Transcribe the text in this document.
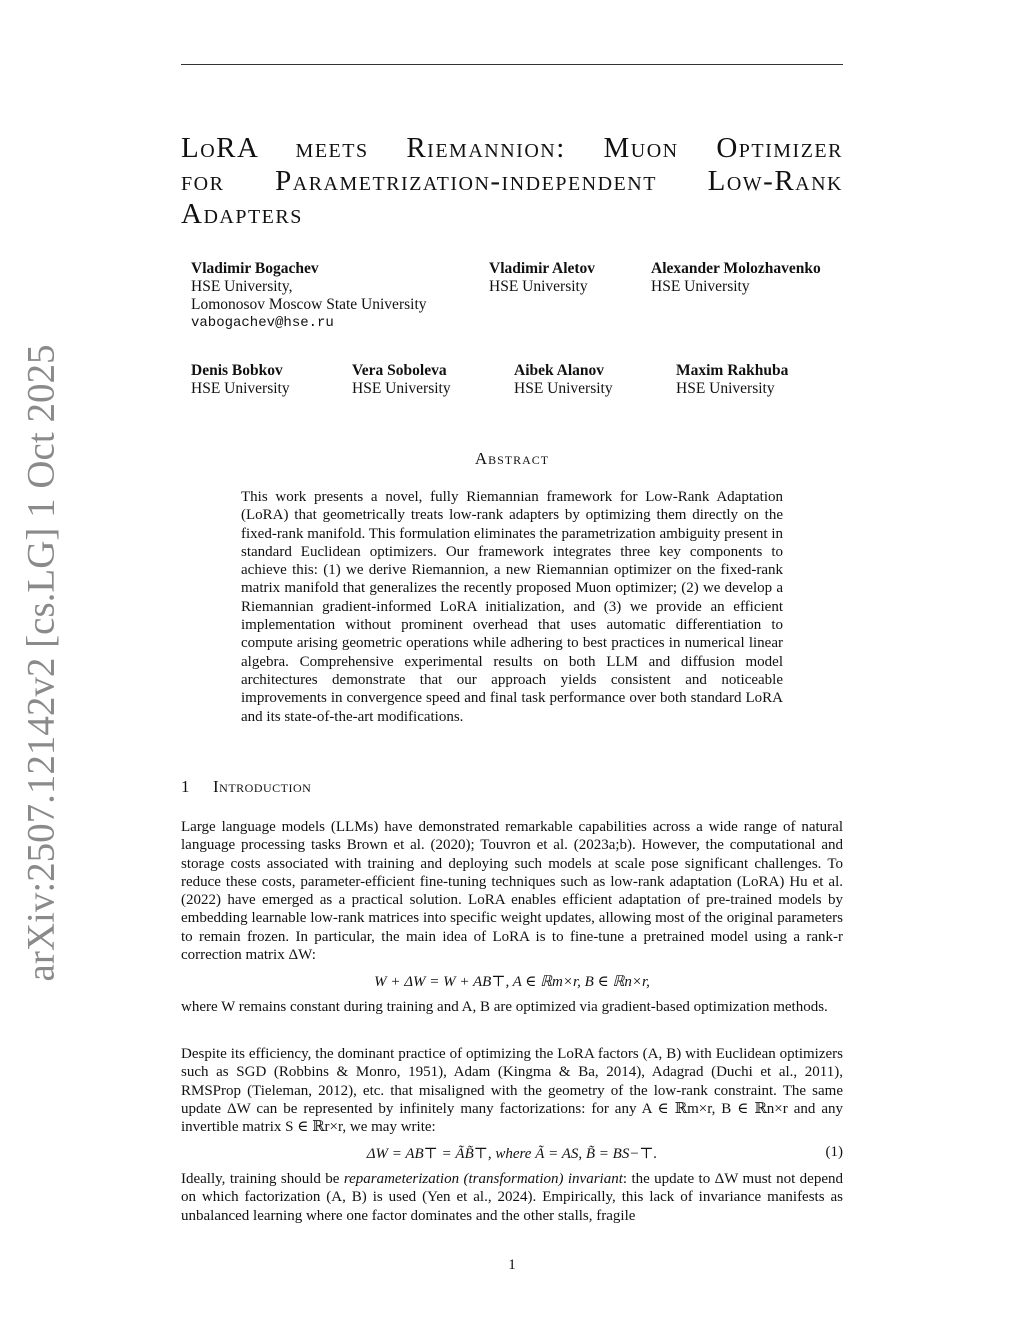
arXiv:2507.12142v2 [cs.LG] 1 Oct 2025
LoRA meets Riemannion: Muon Optimizer
for Parametrization-independent Low-Rank
Adapters
Vladimir Bogachev
HSE University,
Lomonosov Moscow State University
vabogachev@hse.ru
Vladimir Aletov
HSE University
Alexander Molozhavenko
HSE University
Denis Bobkov
HSE University
Vera Soboleva
HSE University
Aibek Alanov
HSE University
Maxim Rakhuba
HSE University
Abstract
This work presents a novel, fully Riemannian framework for Low-Rank Adaptation (LoRA) that geometrically treats low-rank adapters by optimizing them directly on the fixed-rank manifold. This formulation eliminates the parametrization ambiguity present in standard Euclidean optimizers. Our framework integrates three key components to achieve this: (1) we derive Riemannion, a new Riemannian optimizer on the fixed-rank matrix manifold that generalizes the recently proposed Muon optimizer; (2) we develop a Riemannian gradient-informed LoRA initialization, and (3) we provide an efficient implementation without prominent overhead that uses automatic differentiation to compute arising geometric operations while adhering to best practices in numerical linear algebra. Comprehensive experimental results on both LLM and diffusion model architectures demonstrate that our approach yields consistent and noticeable improvements in convergence speed and final task performance over both standard LoRA and its state-of-the-art modifications.
1 Introduction
Large language models (LLMs) have demonstrated remarkable capabilities across a wide range of natural language processing tasks Brown et al. (2020); Touvron et al. (2023a;b). However, the computational and storage costs associated with training and deploying such models at scale pose significant challenges. To reduce these costs, parameter-efficient fine-tuning techniques such as low-rank adaptation (LoRA) Hu et al. (2022) have emerged as a practical solution. LoRA enables efficient adaptation of pre-trained models by embedding learnable low-rank matrices into specific weight updates, allowing most of the original parameters to remain frozen. In particular, the main idea of LoRA is to fine-tune a pretrained model using a rank-r correction matrix ΔW:
W + ΔW = W + AB⊤, A ∈ ℝm×r, B ∈ ℝn×r,
where W remains constant during training and A, B are optimized via gradient-based optimization methods.
Despite its efficiency, the dominant practice of optimizing the LoRA factors (A, B) with Euclidean optimizers such as SGD (Robbins & Monro, 1951), Adam (Kingma & Ba, 2014), Adagrad (Duchi et al., 2011), RMSProp (Tieleman, 2012), etc. that misaligned with the geometry of the low-rank constraint. The same update ΔW can be represented by infinitely many factorizations: for any A ∈ ℝm×r, B ∈ ℝn×r and any invertible matrix S ∈ ℝr×r, we may write:
ΔW = AB⊤ = ÃB̃⊤, where Ã = AS, B̃ = BS−⊤.	(1)
Ideally, training should be reparameterization (transformation) invariant: the update to ΔW must not depend on which factorization (A, B) is used (Yen et al., 2024). Empirically, this lack of invariance manifests as unbalanced learning where one factor dominates and the other stalls, fragile
1
